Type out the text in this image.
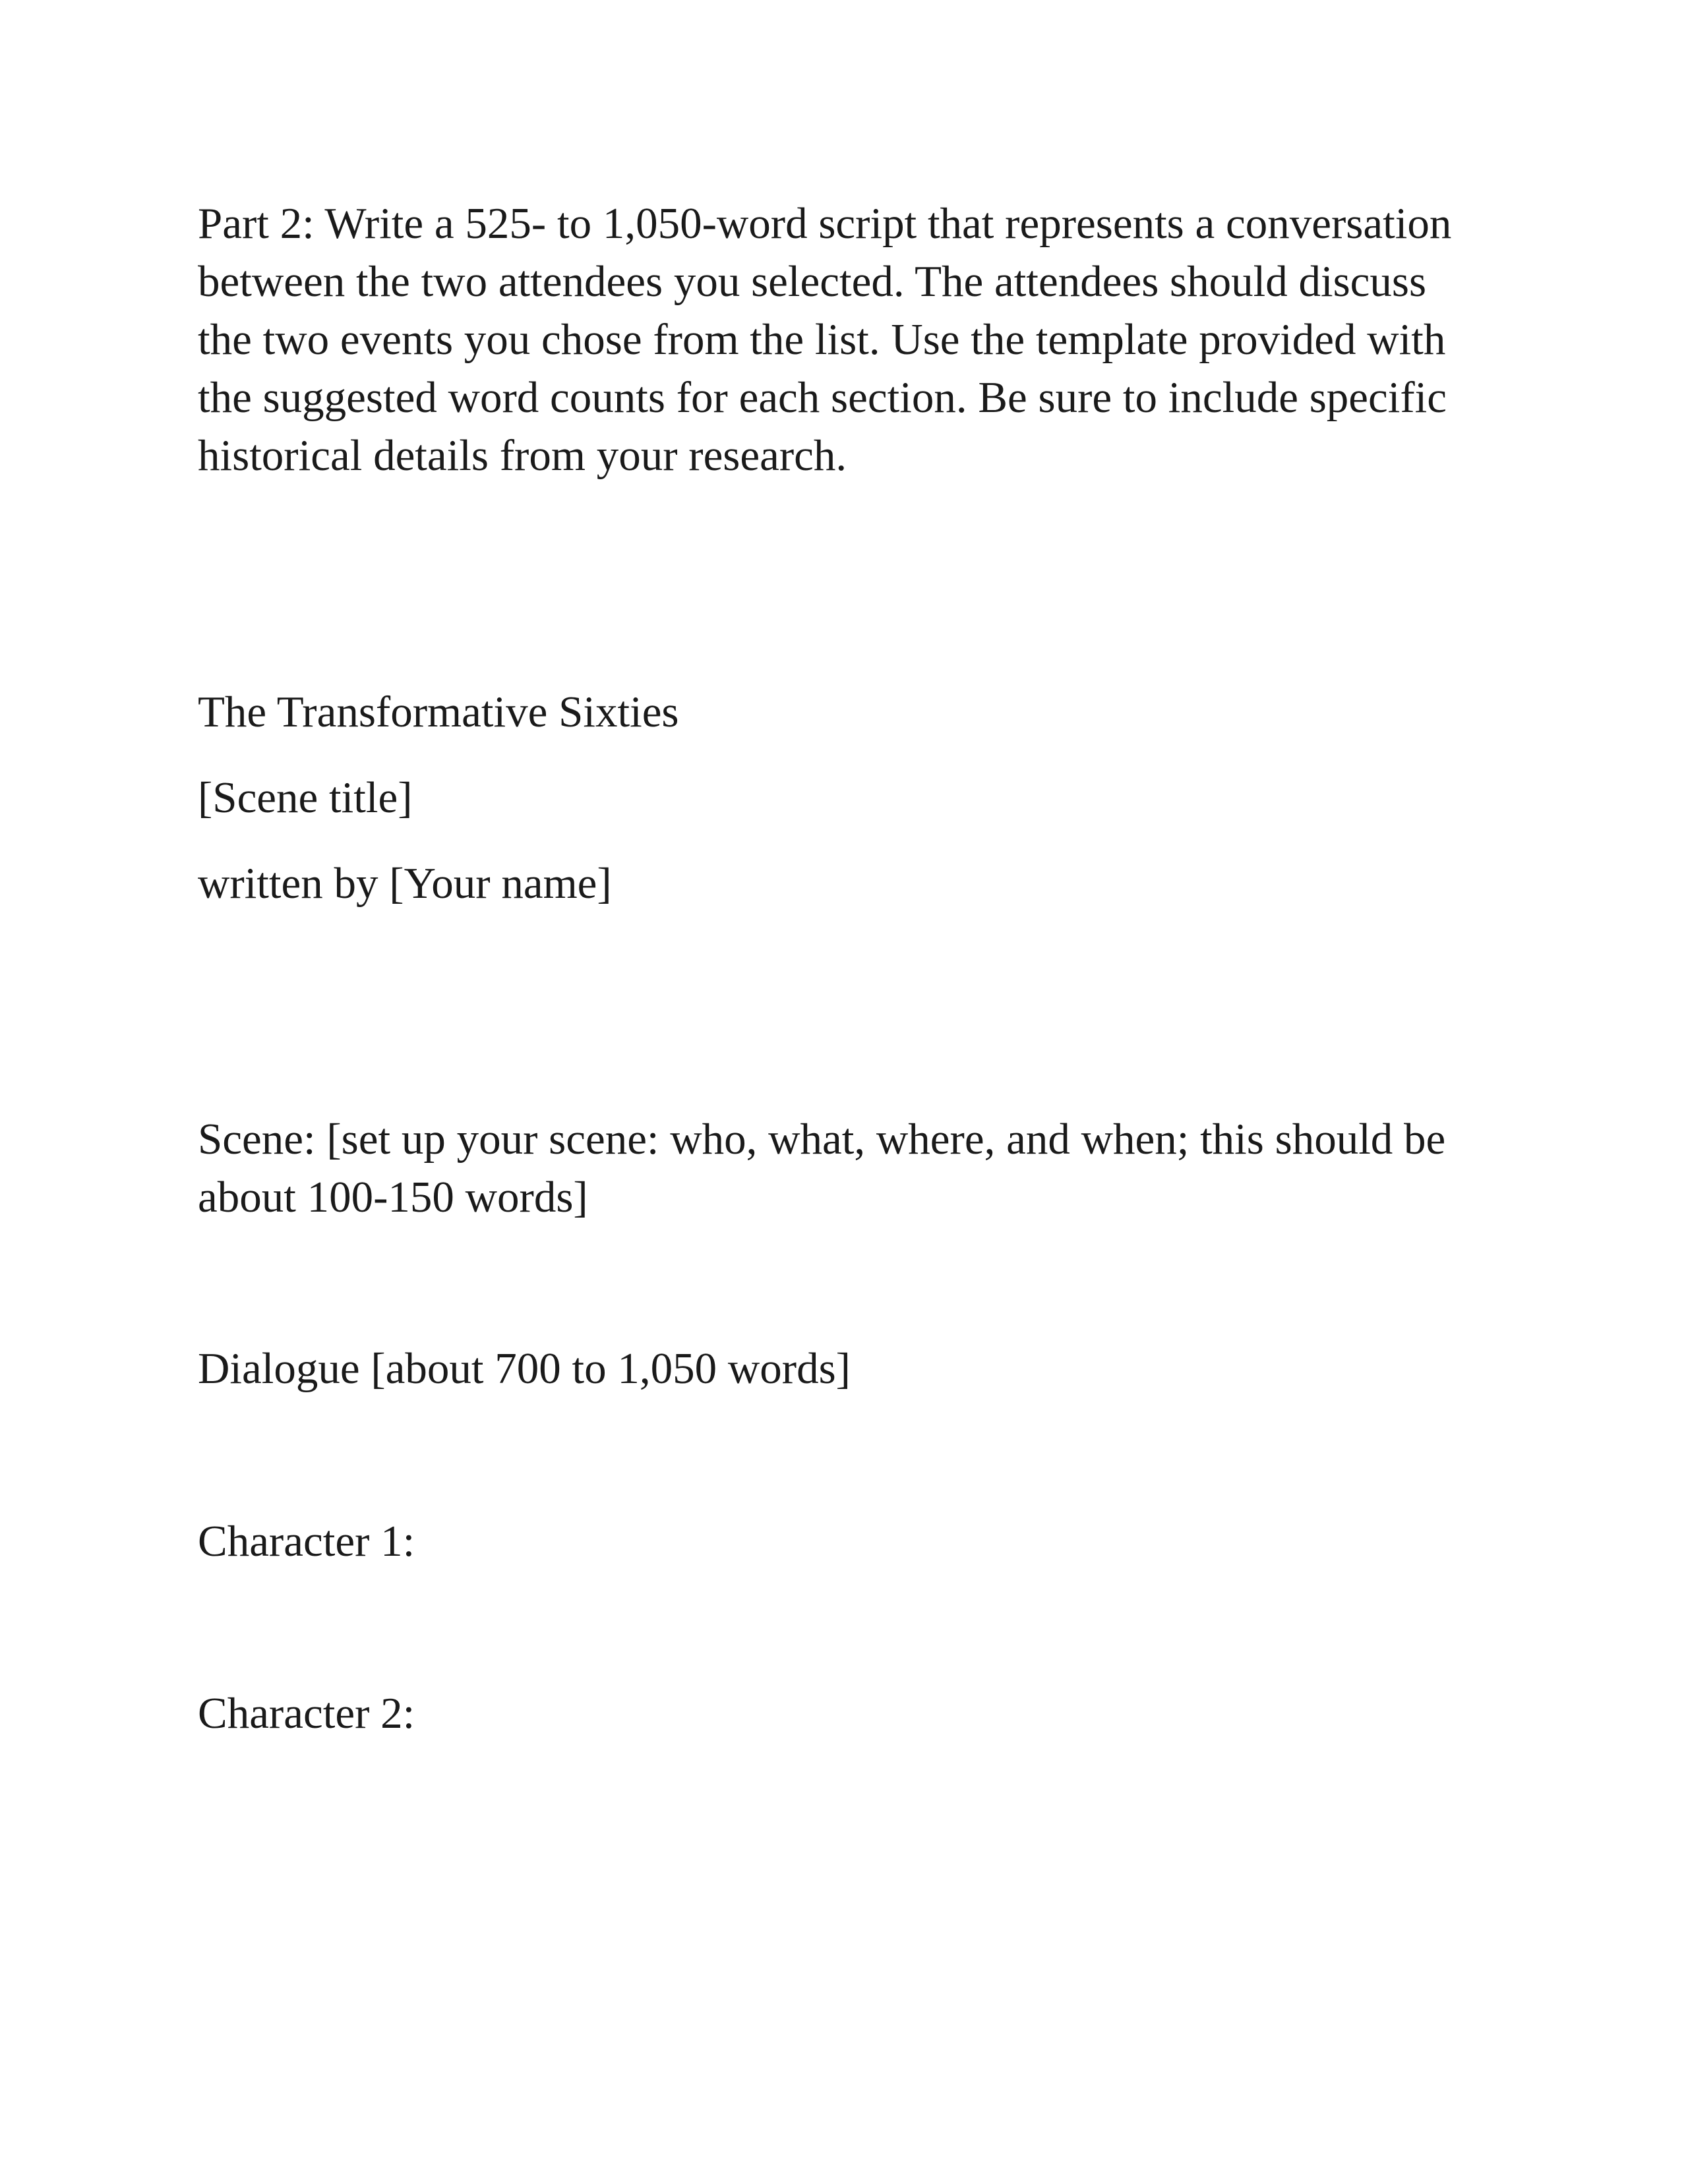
Part 2: Write a 525- to 1,050-word script that represents a conversation
between the two attendees you selected. The attendees should discuss
the two events you chose from the list. Use the template provided with
the suggested word counts for each section. Be sure to include specific
historical details from your research.

The Transformative Sixties

[Scene title]

written by [Your name]

Scene: [set up your scene: who, what, where, and when; this should be
about 100-150 words]

Dialogue [about 700 to 1,050 words]

Character 1:

Character 2:
